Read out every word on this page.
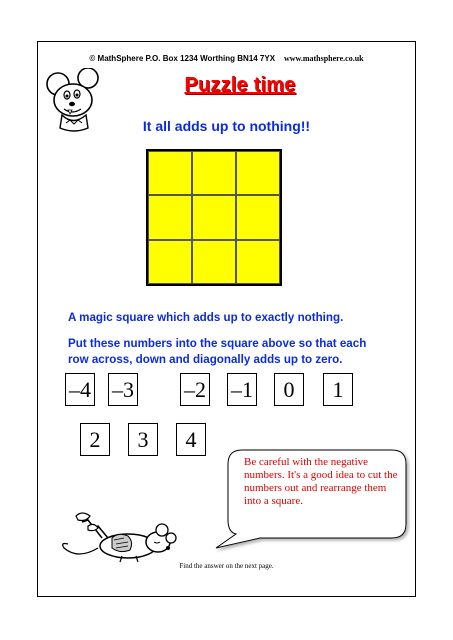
© MathSphere P.O. Box 1234 Worthing BN14 7YX www.mathsphere.co.uk
Puzzle time
It all adds up to nothing!!
A magic square which adds up to exactly nothing.
Put these numbers into the square above so that each
row across, down and diagonally adds up to zero.
–4 –3 –2 –1	0	1
2	3	4
Be careful with the negative numbers. It's a good idea to cut the numbers out and rearrange them into a square.
Find the answer on the next page.
